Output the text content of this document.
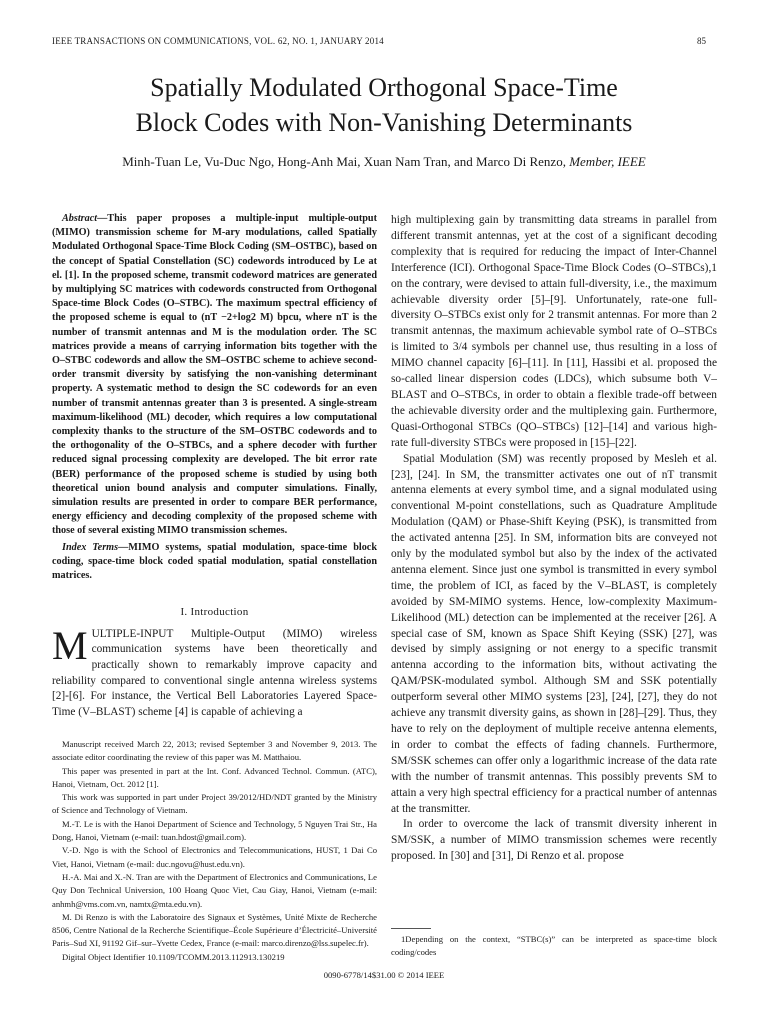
IEEE TRANSACTIONS ON COMMUNICATIONS, VOL. 62, NO. 1, JANUARY 2014	85
Spatially Modulated Orthogonal Space-Time
Block Codes with Non-Vanishing Determinants
Minh-Tuan Le, Vu-Duc Ngo, Hong-Anh Mai, Xuan Nam Tran, and Marco Di Renzo, Member, IEEE

Abstract—This paper proposes a multiple-input multiple-output (MIMO) transmission scheme for M-ary modulations, called Spatially Modulated Orthogonal Space-Time Block Coding (SM–OSTBC), based on the concept of Spatial Constellation (SC) codewords introduced by Le at el. [1]. In the proposed scheme, transmit codeword matrices are generated by multiplying SC matrices with codewords constructed from Orthogonal Space-time Block Codes (O–STBC). The maximum spectral efficiency of the proposed scheme is equal to (nT −2+log2 M) bpcu, where nT is the number of transmit antennas and M is the modulation order. The SC matrices provide a means of carrying information bits together with the O–STBC codewords and allow the SM–OSTBC scheme to achieve second-order transmit diversity by satisfying the non-vanishing determinant property. A systematic method to design the SC codewords for an even number of transmit antennas greater than 3 is presented. A single-stream maximum-likelihood (ML) decoder, which requires a low computational complexity thanks to the structure of the SM–OSTBC codewords and to the orthogonality of the O–STBCs, and a sphere decoder with further reduced signal processing complexity are developed. The bit error rate (BER) performance of the proposed scheme is studied by using both theoretical union bound analysis and computer simulations. Finally, simulation results are presented in order to compare BER performance, energy efficiency and decoding complexity of the proposed scheme with those of several existing MIMO transmission schemes.

Index Terms—MIMO systems, spatial modulation, space-time block coding, space-time block coded spatial modulation, spatial constellation matrices.

I. Introduction

MULTIPLE-INPUT Multiple-Output (MIMO) wireless communication systems have been theoretically and practically shown to remarkably improve capacity and reliability compared to conventional single antenna wireless systems [2]-[6]. For instance, the Vertical Bell Laboratories Layered Space-Time (V–BLAST) scheme [4] is capable of achieving a

Manuscript received March 22, 2013; revised September 3 and November 9, 2013. The associate editor coordinating the review of this paper was M. Matthaiou.

This paper was presented in part at the Int. Conf. Advanced Technol. Commun. (ATC), Hanoi, Vietnam, Oct. 2012 [1].

This work was supported in part under Project 39/2012/HD/NDT granted by the Ministry of Science and Technology of Vietnam.

M.-T. Le is with the Hanoi Department of Science and Technology, 5 Nguyen Trai Str., Ha Dong, Hanoi, Vietnam (e-mail: tuan.hdost@gmail.com).

V.-D. Ngo is with the School of Electronics and Telecommunications, HUST, 1 Dai Co Viet, Hanoi, Vietnam (e-mail: duc.ngovu@hust.edu.vn).

H.-A. Mai and X.-N. Tran are with the Department of Electronics and Communications, Le Quy Don Technical Universion, 100 Hoang Quoc Viet, Cau Giay, Hanoi, Vietnam (e-mail: anhmh@vms.com.vn, namtx@mta.edu.vn).

M. Di Renzo is with the Laboratoire des Signaux et Systèmes, Unité Mixte de Recherche 8506, Centre National de la Recherche Scientifique–École Supérieure d’Électricité–Université Paris–Sud XI, 91192 Gif–sur–Yvette Cedex, France (e-mail: marco.direnzo@lss.supelec.fr).

Digital Object Identifier 10.1109/TCOMM.2013.112913.130219

high multiplexing gain by transmitting data streams in parallel from different transmit antennas, yet at the cost of a significant decoding complexity that is required for reducing the impact of Inter-Channel Interference (ICI). Orthogonal Space-Time Block Codes (O–STBCs),1 on the contrary, were devised to attain full-diversity, i.e., the maximum achievable diversity order [5]–[9]. Unfortunately, rate-one full-diversity O–STBCs exist only for 2 transmit antennas. For more than 2 transmit antennas, the maximum achievable symbol rate of O–STBCs is limited to 3/4 symbols per channel use, thus resulting in a loss of MIMO channel capacity [6]–[11]. In [11], Hassibi et al. proposed the so-called linear dispersion codes (LDCs), which subsume both V–BLAST and O–STBCs, in order to obtain a flexible trade-off between the achievable diversity order and the multiplexing gain. Furthermore, Quasi-Orthogonal STBCs (QO–STBCs) [12]–[14] and various high-rate full-diversity STBCs were proposed in [15]–[22].

Spatial Modulation (SM) was recently proposed by Mesleh et al. [23], [24]. In SM, the transmitter activates one out of nT transmit antenna elements at every symbol time, and a signal modulated using conventional M-point constellations, such as Quadrature Amplitude Modulation (QAM) or Phase-Shift Keying (PSK), is transmitted from the activated antenna [25]. In SM, information bits are conveyed not only by the modulated symbol but also by the index of the activated antenna element. Since just one symbol is transmitted in every symbol time, the problem of ICI, as faced by the V–BLAST, is completely avoided by SM-MIMO systems. Hence, low-complexity Maximum-Likelihood (ML) detection can be implemented at the receiver [26]. A special case of SM, known as Space Shift Keying (SSK) [27], was devised by simply assigning or not energy to a specific transmit antenna according to the information bits, without activating the QAM/PSK-modulated symbol. Although SM and SSK potentially outperform several other MIMO systems [23], [24], [27], they do not achieve any transmit diversity gains, as shown in [28]–[29]. Thus, they have to rely on the deployment of multiple receive antenna elements, in order to combat the effects of fading channels. Furthermore, SM/SSK schemes can offer only a logarithmic increase of the data rate with the number of transmit antennas. This possibly prevents SM to attain a very high spectral efficiency for a practical number of antennas at the transmitter.

In order to overcome the lack of transmit diversity inherent in SM/SSK, a number of MIMO transmission schemes were recently proposed. In [30] and [31], Di Renzo et al. propose

1Depending on the context, “STBC(s)” can be interpreted as space-time block coding/codes
0090-6778/14$31.00 © 2014 IEEE
